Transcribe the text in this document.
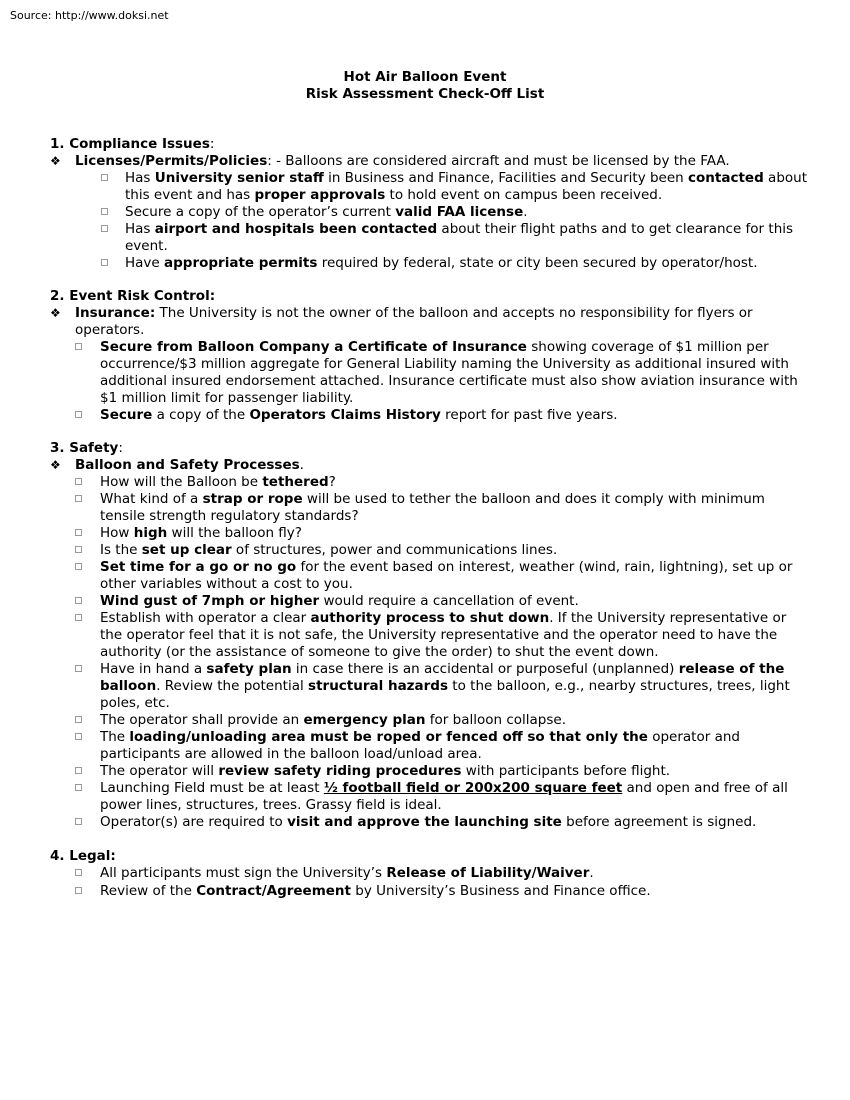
Source: http://www.doksi.net
Hot Air Balloon Event
Risk Assessment Check-Off List
1. Compliance Issues:
❖	Licenses/Permits/Policies: - Balloons are considered aircraft and must be licensed by the FAA.
Has University senior staff in Business and Finance, Facilities and Security been contacted about this event and has proper approvals to hold event on campus been received.
Secure a copy of the operator’s current valid FAA license.
Has airport and hospitals been contacted about their flight paths and to get clearance for this event.
Have appropriate permits required by federal, state or city been secured by operator/host.
2. Event Risk Control:
❖	Insurance: The University is not the owner of the balloon and accepts no responsibility for flyers or operators.
Secure from Balloon Company a Certificate of Insurance showing coverage of $1 million per occurrence/$3 million aggregate for General Liability naming the University as additional insured with additional insured endorsement attached. Insurance certificate must also show aviation insurance with $1 million limit for passenger liability.
Secure a copy of the Operators Claims History report for past five years.
3. Safety:
❖	Balloon and Safety Processes.
How will the Balloon be tethered?
What kind of a strap or rope will be used to tether the balloon and does it comply with minimum tensile strength regulatory standards?
How high will the balloon fly?
Is the set up clear of structures, power and communications lines.
Set time for a go or no go for the event based on interest, weather (wind, rain, lightning), set up or other variables without a cost to you.
Wind gust of 7mph or higher would require a cancellation of event.
Establish with operator a clear authority process to shut down. If the University representative or the operator feel that it is not safe, the University representative and the operator need to have the authority (or the assistance of someone to give the order) to shut the event down.
Have in hand a safety plan in case there is an accidental or purposeful (unplanned) release of the balloon. Review the potential structural hazards to the balloon, e.g., nearby structures, trees, light poles, etc.
The operator shall provide an emergency plan for balloon collapse.
The loading/unloading area must be roped or fenced off so that only the operator and participants are allowed in the balloon load/unload area.
The operator will review safety riding procedures with participants before flight.
Launching Field must be at least ½ football field or 200x200 square feet and open and free of all power lines, structures, trees. Grassy field is ideal.
Operator(s) are required to visit and approve the launching site before agreement is signed.
4. Legal:
All participants must sign the University’s Release of Liability/Waiver.
Review of the Contract/Agreement by University’s Business and Finance office.
